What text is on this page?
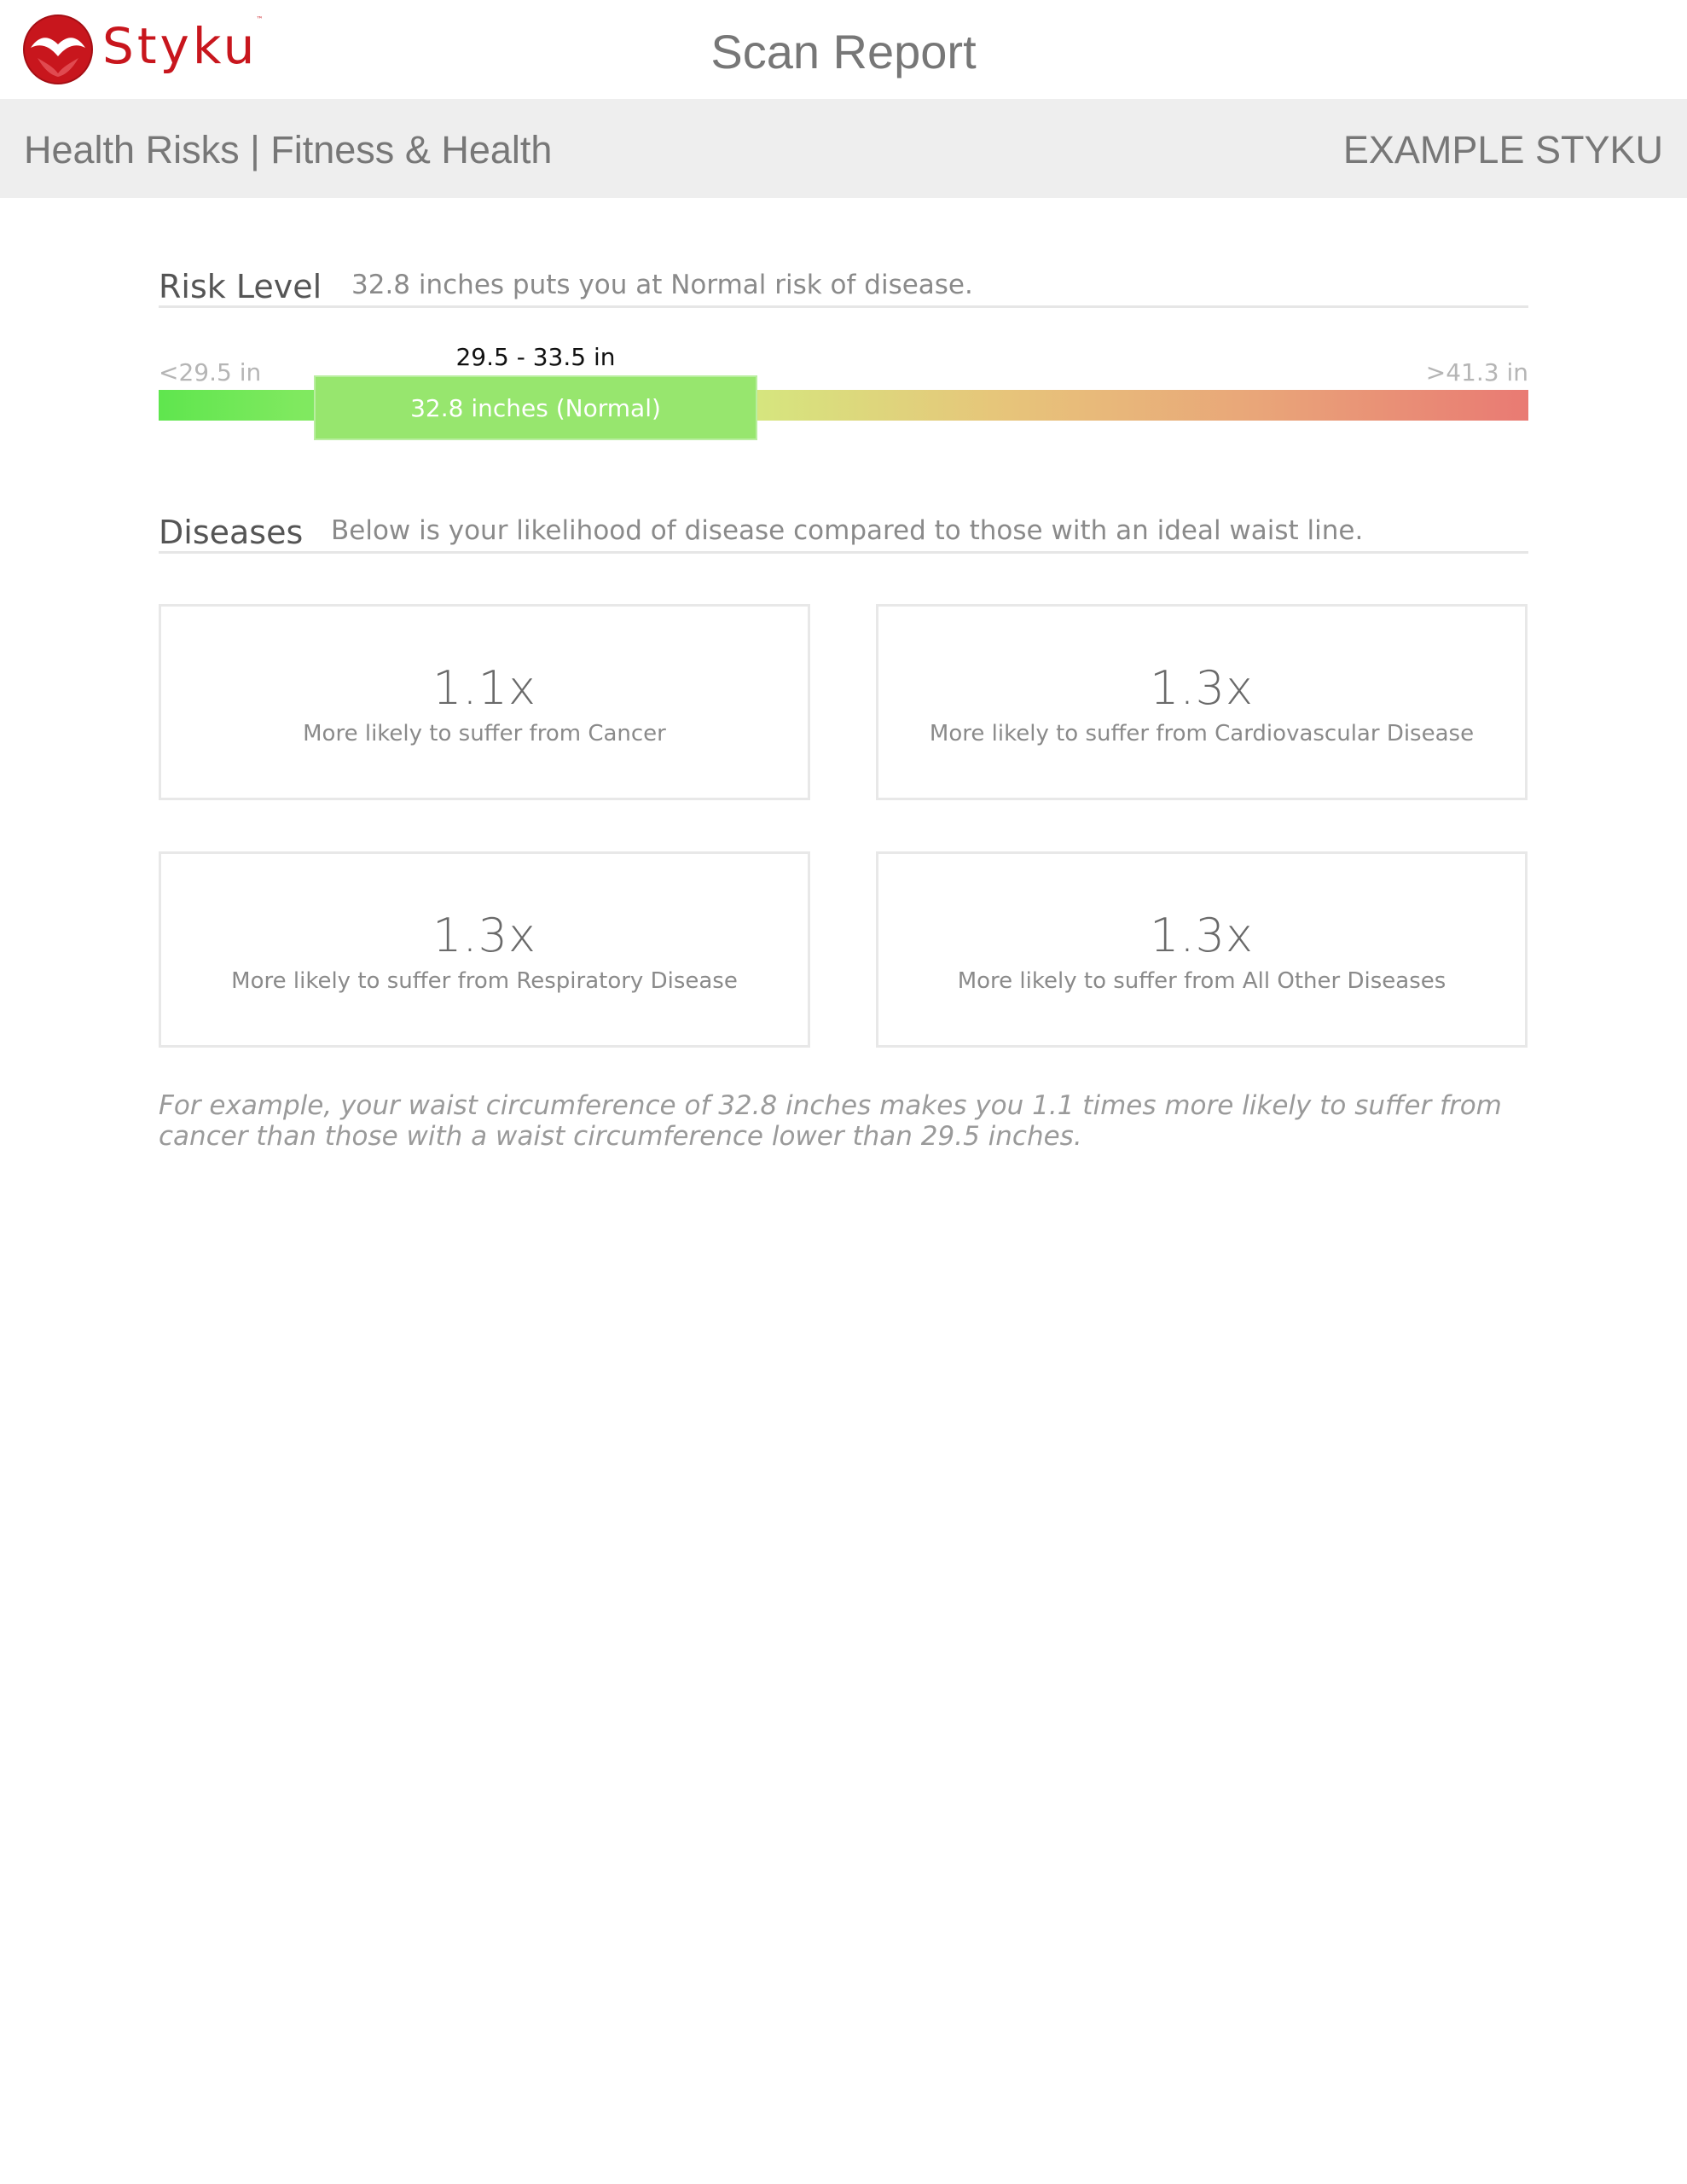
Styku
™
Scan Report
Health Risks | Fitness & Health	EXAMPLE STYKU
Risk Level 32.8 inches puts you at Normal risk of disease.
<29.5 in	>41.3 in
29.5 - 33.5 in
32.8 inches (Normal)
Diseases Below is your likelihood of disease compared to those with an ideal waist line.
1.1x
More likely to suffer from Cancer
1.3x
More likely to suffer from Cardiovascular Disease
1.3x
More likely to suffer from Respiratory Disease
1.3x
More likely to suffer from All Other Diseases

For example, your waist circumference of 32.8 inches makes you 1.1 times more likely to suffer from cancer than those with a waist circumference lower than 29.5 inches.
